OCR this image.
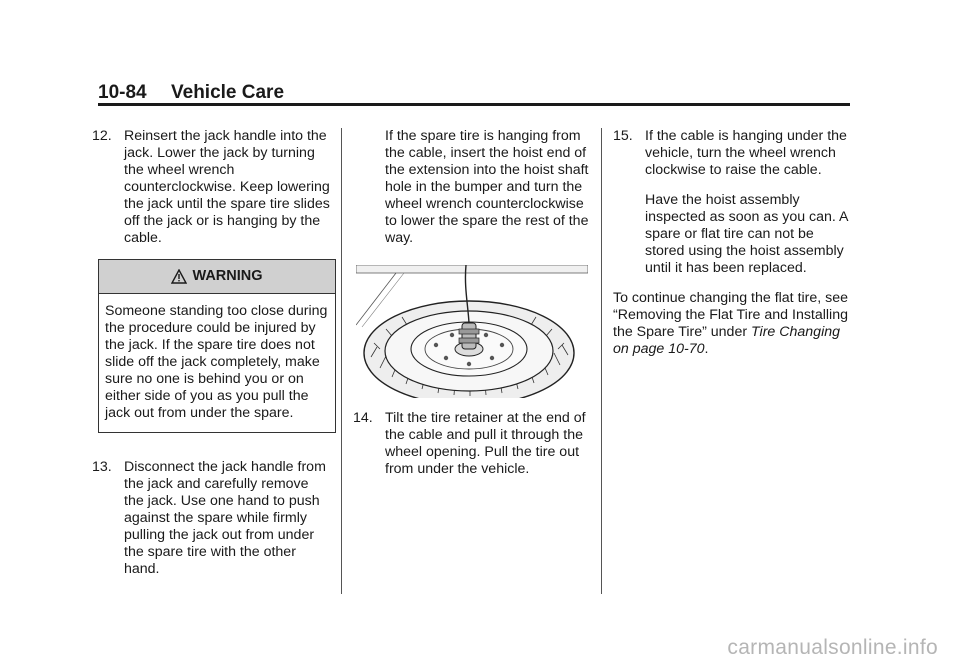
10-84 Vehicle Care
12. Reinsert the jack handle into the jack. Lower the jack by turning the wheel wrench counterclockwise. Keep lowering the jack until the spare tire slides off the jack or is hanging by the cable.
WARNING
Someone standing too close during the procedure could be injured by the jack. If the spare tire does not slide off the jack completely, make sure no one is behind you or on either side of you as you pull the jack out from under the spare.
13. Disconnect the jack handle from the jack and carefully remove the jack. Use one hand to push against the spare while firmly pulling the jack out from under the spare tire with the other hand.
If the spare tire is hanging from the cable, insert the hoist end of the extension into the hoist shaft hole in the bumper and turn the wheel wrench counterclockwise to lower the spare the rest of the way.
14. Tilt the tire retainer at the end of the cable and pull it through the wheel opening. Pull the tire out from under the vehicle.
15. If the cable is hanging under the vehicle, turn the wheel wrench clockwise to raise the cable.
Have the hoist assembly inspected as soon as you can. A spare or flat tire can not be stored using the hoist assembly until it has been replaced.
To continue changing the flat tire, see “Removing the Flat Tire and Installing the Spare Tire” under Tire Changing on page 10-70.
carmanualsonline.info
